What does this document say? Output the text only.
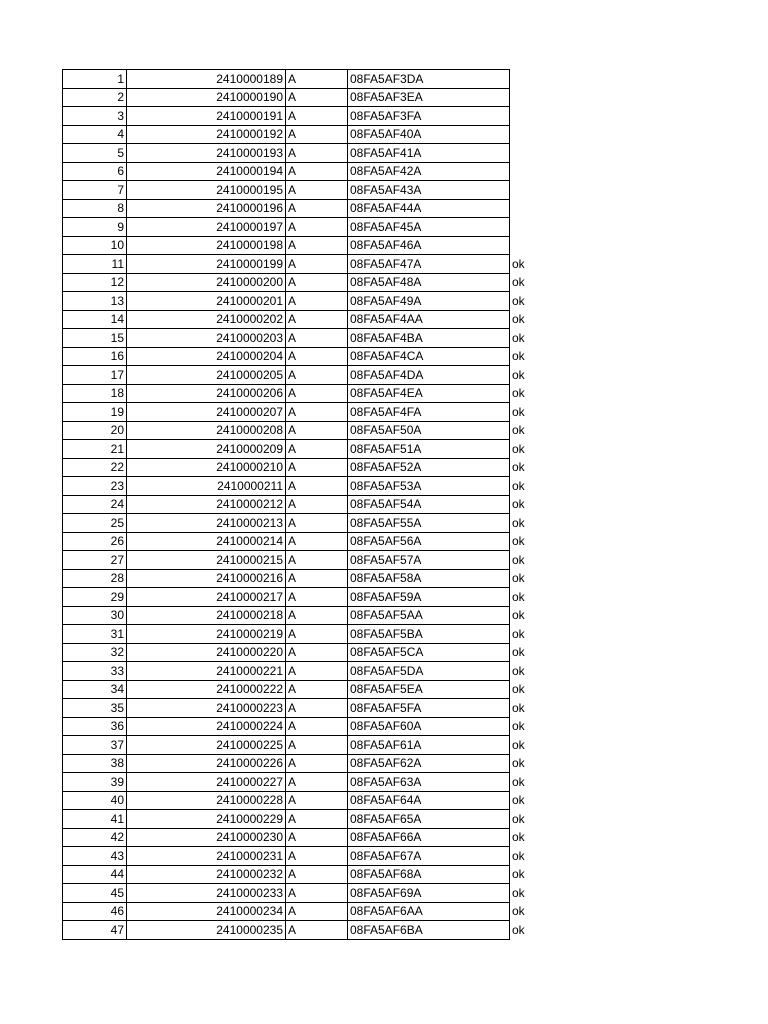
1	2410000189	A	08FA5AF3DA	
2	2410000190	A	08FA5AF3EA	
3	2410000191	A	08FA5AF3FA	
4	2410000192	A	08FA5AF40A	
5	2410000193	A	08FA5AF41A	
6	2410000194	A	08FA5AF42A	
7	2410000195	A	08FA5AF43A	
8	2410000196	A	08FA5AF44A	
9	2410000197	A	08FA5AF45A	
10	2410000198	A	08FA5AF46A	
11	2410000199	A	08FA5AF47A	ok
12	2410000200	A	08FA5AF48A	ok
13	2410000201	A	08FA5AF49A	ok
14	2410000202	A	08FA5AF4AA	ok
15	2410000203	A	08FA5AF4BA	ok
16	2410000204	A	08FA5AF4CA	ok
17	2410000205	A	08FA5AF4DA	ok
18	2410000206	A	08FA5AF4EA	ok
19	2410000207	A	08FA5AF4FA	ok
20	2410000208	A	08FA5AF50A	ok
21	2410000209	A	08FA5AF51A	ok
22	2410000210	A	08FA5AF52A	ok
23	2410000211	A	08FA5AF53A	ok
24	2410000212	A	08FA5AF54A	ok
25	2410000213	A	08FA5AF55A	ok
26	2410000214	A	08FA5AF56A	ok
27	2410000215	A	08FA5AF57A	ok
28	2410000216	A	08FA5AF58A	ok
29	2410000217	A	08FA5AF59A	ok
30	2410000218	A	08FA5AF5AA	ok
31	2410000219	A	08FA5AF5BA	ok
32	2410000220	A	08FA5AF5CA	ok
33	2410000221	A	08FA5AF5DA	ok
34	2410000222	A	08FA5AF5EA	ok
35	2410000223	A	08FA5AF5FA	ok
36	2410000224	A	08FA5AF60A	ok
37	2410000225	A	08FA5AF61A	ok
38	2410000226	A	08FA5AF62A	ok
39	2410000227	A	08FA5AF63A	ok
40	2410000228	A	08FA5AF64A	ok
41	2410000229	A	08FA5AF65A	ok
42	2410000230	A	08FA5AF66A	ok
43	2410000231	A	08FA5AF67A	ok
44	2410000232	A	08FA5AF68A	ok
45	2410000233	A	08FA5AF69A	ok
46	2410000234	A	08FA5AF6AA	ok
47	2410000235	A	08FA5AF6BA	ok
